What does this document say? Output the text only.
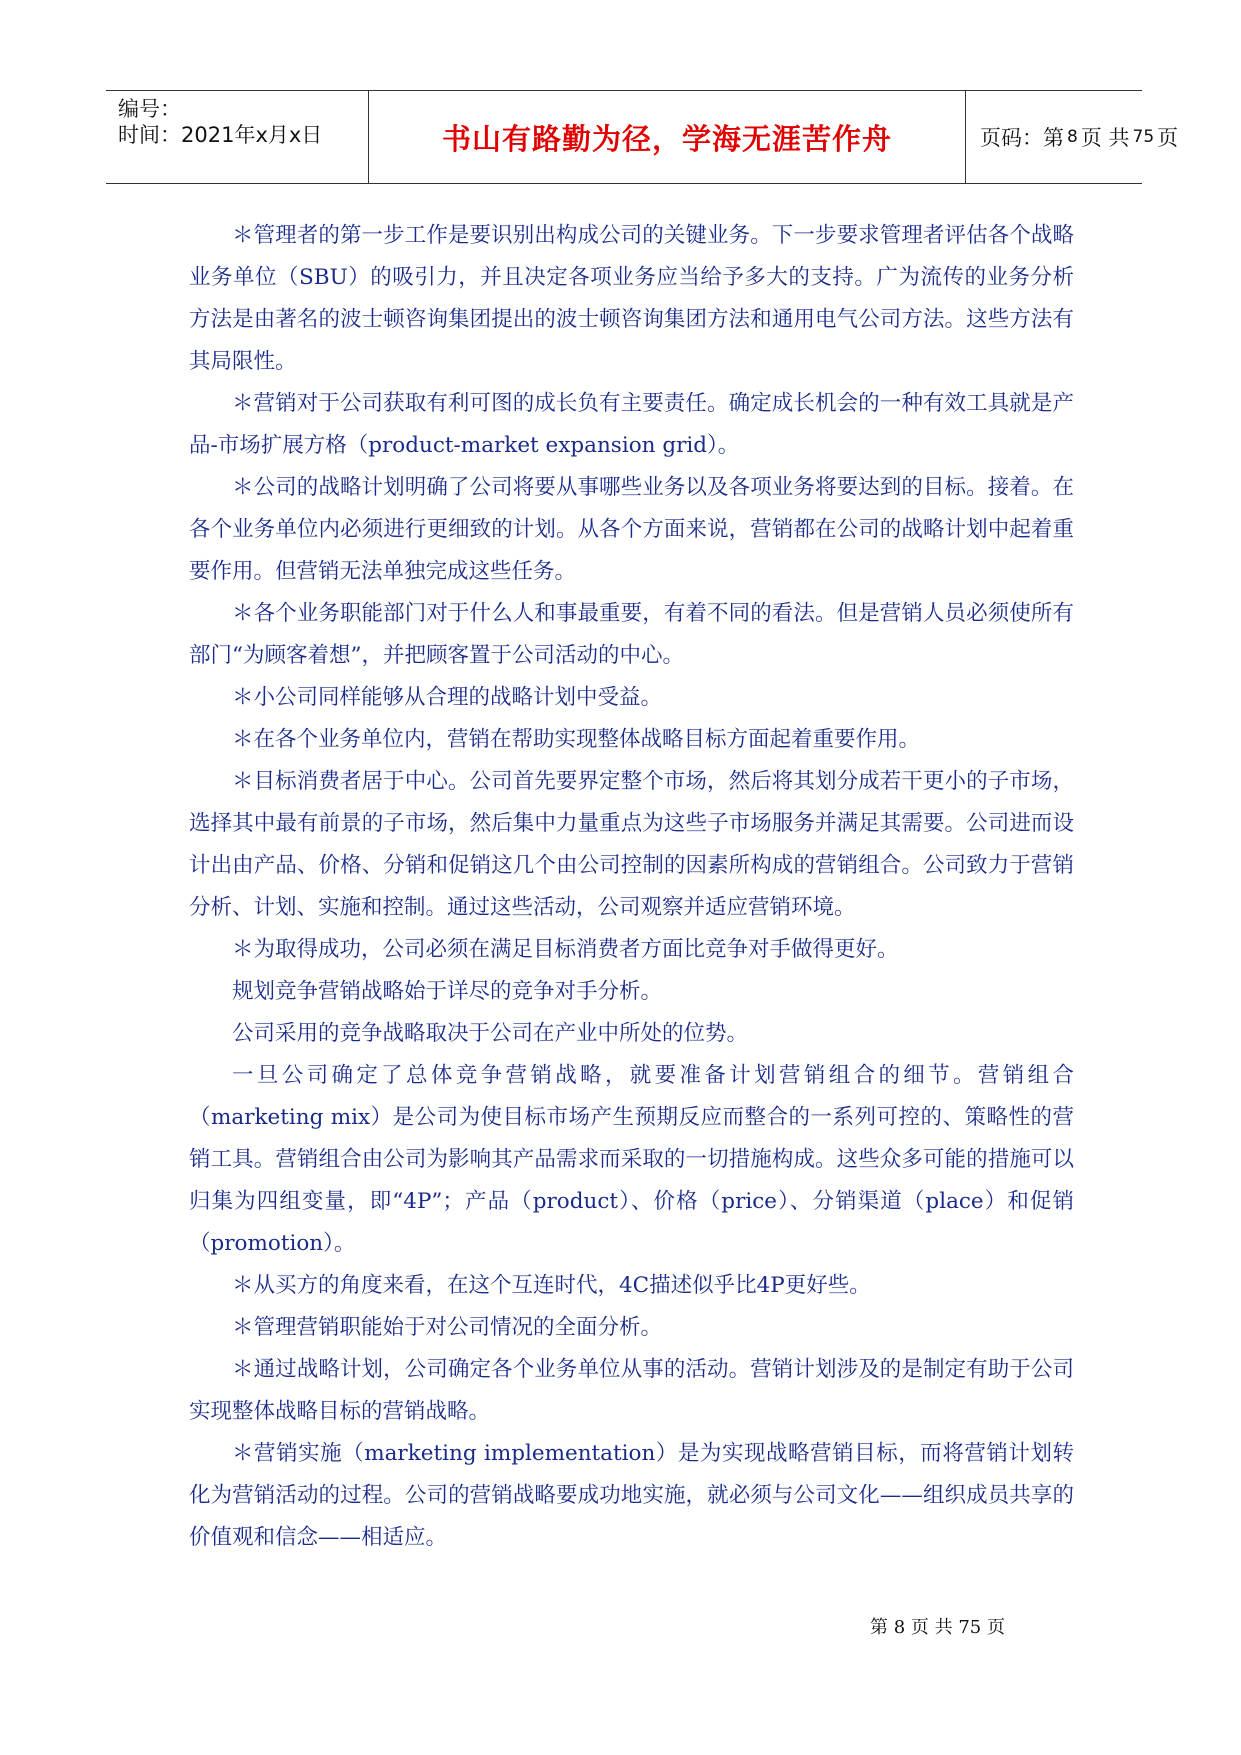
编号：
时间：2021年x月x日	书山有路勤为径，学海无涯苦作舟	页码：第 8 页 共 75 页

＊管理者的第一步工作是要识别出构成公司的关键业务。下一步要求管理者评估各个战略业务单位（SBU）的吸引力，并且决定各项业务应当给予多大的支持。广为流传的业务分析方法是由著名的波士顿咨询集团提出的波士顿咨询集团方法和通用电气公司方法。这些方法有其局限性。

＊营销对于公司获取有利可图的成长负有主要责任。确定成长机会的一种有效工具就是产品-市场扩展方格（product-market expansion grid）。

＊公司的战略计划明确了公司将要从事哪些业务以及各项业务将要达到的目标。接着。在各个业务单位内必须进行更细致的计划。从各个方面来说，营销都在公司的战略计划中起着重要作用。但营销无法单独完成这些任务。

＊各个业务职能部门对于什么人和事最重要，有着不同的看法。但是营销人员必须使所有部门“为顾客着想”，并把顾客置于公司活动的中心。

＊小公司同样能够从合理的战略计划中受益。

＊在各个业务单位内，营销在帮助实现整体战略目标方面起着重要作用。

＊目标消费者居于中心。公司首先要界定整个市场，然后将其划分成若干更小的子市场，选择其中最有前景的子市场，然后集中力量重点为这些子市场服务并满足其需要。公司进而设计出由产品、价格、分销和促销这几个由公司控制的因素所构成的营销组合。公司致力于营销分析、计划、实施和控制。通过这些活动，公司观察并适应营销环境。

＊为取得成功，公司必须在满足目标消费者方面比竞争对手做得更好。

规划竞争营销战略始于详尽的竞争对手分析。

公司采用的竞争战略取决于公司在产业中所处的位势。

一旦公司确定了总体竞争营销战略，就要准备计划营销组合的细节。营销组合（marketing mix）是公司为使目标市场产生预期反应而整合的一系列可控的、策略性的营销工具。营销组合由公司为影响其产品需求而采取的一切措施构成。这些众多可能的措施可以归集为四组变量，即“4P”；产品（product）、价格（price）、分销渠道（place）和促销（promotion）。

＊从买方的角度来看，在这个互连时代，4C描述似乎比4P更好些。

＊管理营销职能始于对公司情况的全面分析。

＊通过战略计划，公司确定各个业务单位从事的活动。营销计划涉及的是制定有助于公司实现整体战略目标的营销战略。

＊营销实施（marketing implementation）是为实现战略营销目标，而将营销计划转化为营销活动的过程。公司的营销战略要成功地实施，就必须与公司文化——组织成员共享的价值观和信念——相适应。

第 8 页 共 75 页
